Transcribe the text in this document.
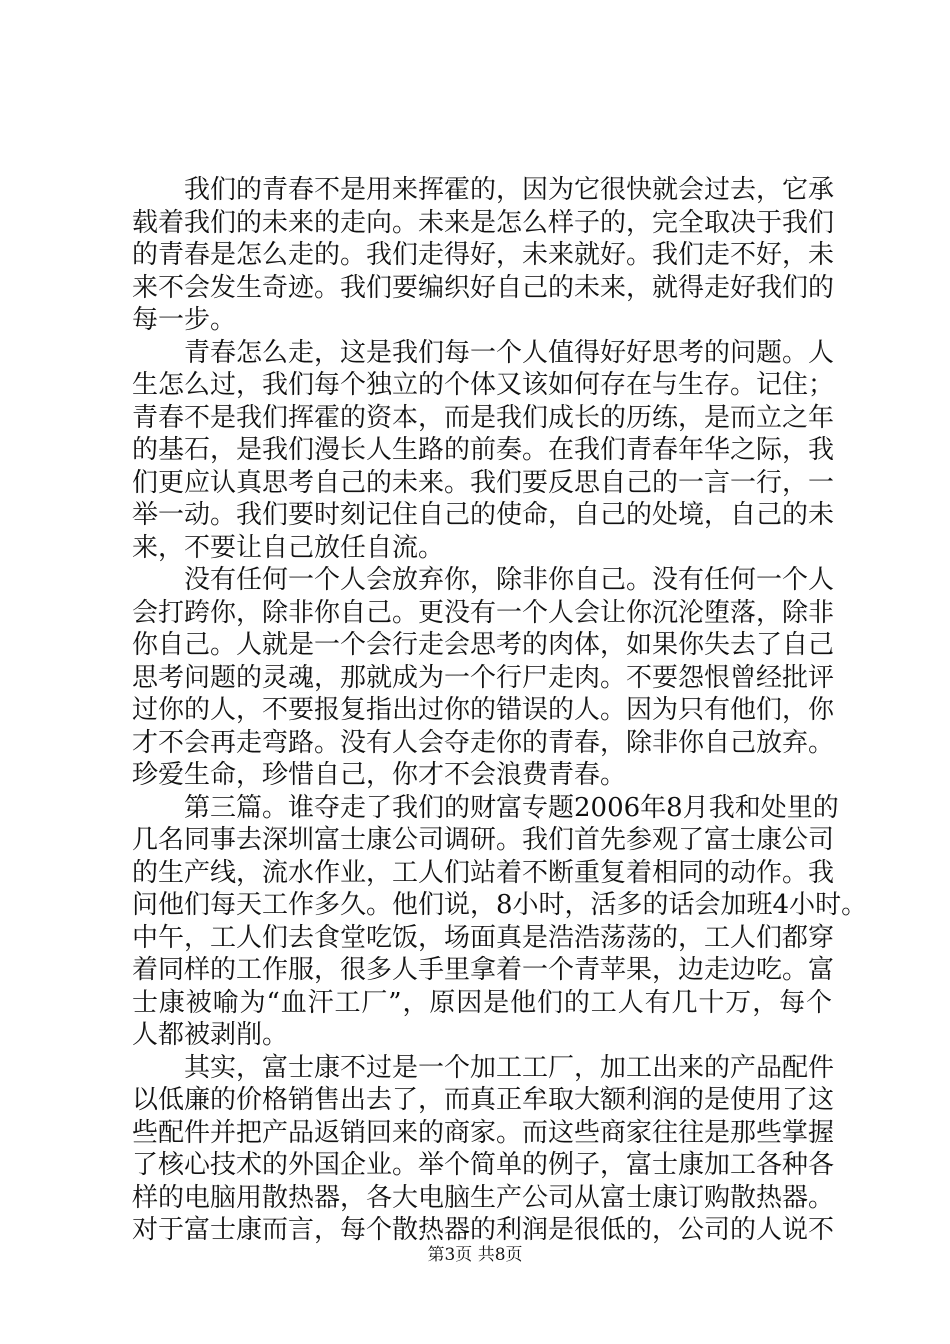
我们的青春不是用来挥霍的，因为它很快就会过去，它承
载着我们的未来的走向。未来是怎么样子的，完全取决于我们
的青春是怎么走的。我们走得好，未来就好。我们走不好，未
来不会发生奇迹。我们要编织好自己的未来，就得走好我们的
每一步。
青春怎么走，这是我们每一个人值得好好思考的问题。人
生怎么过，我们每个独立的个体又该如何存在与生存。记住；
青春不是我们挥霍的资本，而是我们成长的历练，是而立之年
的基石，是我们漫长人生路的前奏。在我们青春年华之际，我
们更应认真思考自己的未来。我们要反思自己的一言一行，一
举一动。我们要时刻记住自己的使命，自己的处境，自己的未
来，不要让自己放任自流。
没有任何一个人会放弃你，除非你自己。没有任何一个人
会打跨你，除非你自己。更没有一个人会让你沉沦堕落，除非
你自己。人就是一个会行走会思考的肉体，如果你失去了自己
思考问题的灵魂，那就成为一个行尸走肉。不要怨恨曾经批评
过你的人，不要报复指出过你的错误的人。因为只有他们，你
才不会再走弯路。没有人会夺走你的青春，除非你自己放弃。
珍爱生命，珍惜自己，你才不会浪费青春。
第三篇。谁夺走了我们的财富专题2006年8月我和处里的
几名同事去深圳富士康公司调研。我们首先参观了富士康公司
的生产线，流水作业，工人们站着不断重复着相同的动作。我
问他们每天工作多久。他们说，8小时，活多的话会加班4小时。
中午，工人们去食堂吃饭，场面真是浩浩荡荡的，工人们都穿
着同样的工作服，很多人手里拿着一个青苹果，边走边吃。富
士康被喻为“血汗工厂”，原因是他们的工人有几十万，每个
人都被剥削。
其实，富士康不过是一个加工工厂，加工出来的产品配件
以低廉的价格销售出去了，而真正牟取大额利润的是使用了这
些配件并把产品返销回来的商家。而这些商家往往是那些掌握
了核心技术的外国企业。举个简单的例子，富士康加工各种各
样的电脑用散热器，各大电脑生产公司从富士康订购散热器。
对于富士康而言，每个散热器的利润是很低的，公司的人说不
第3页 共8页
